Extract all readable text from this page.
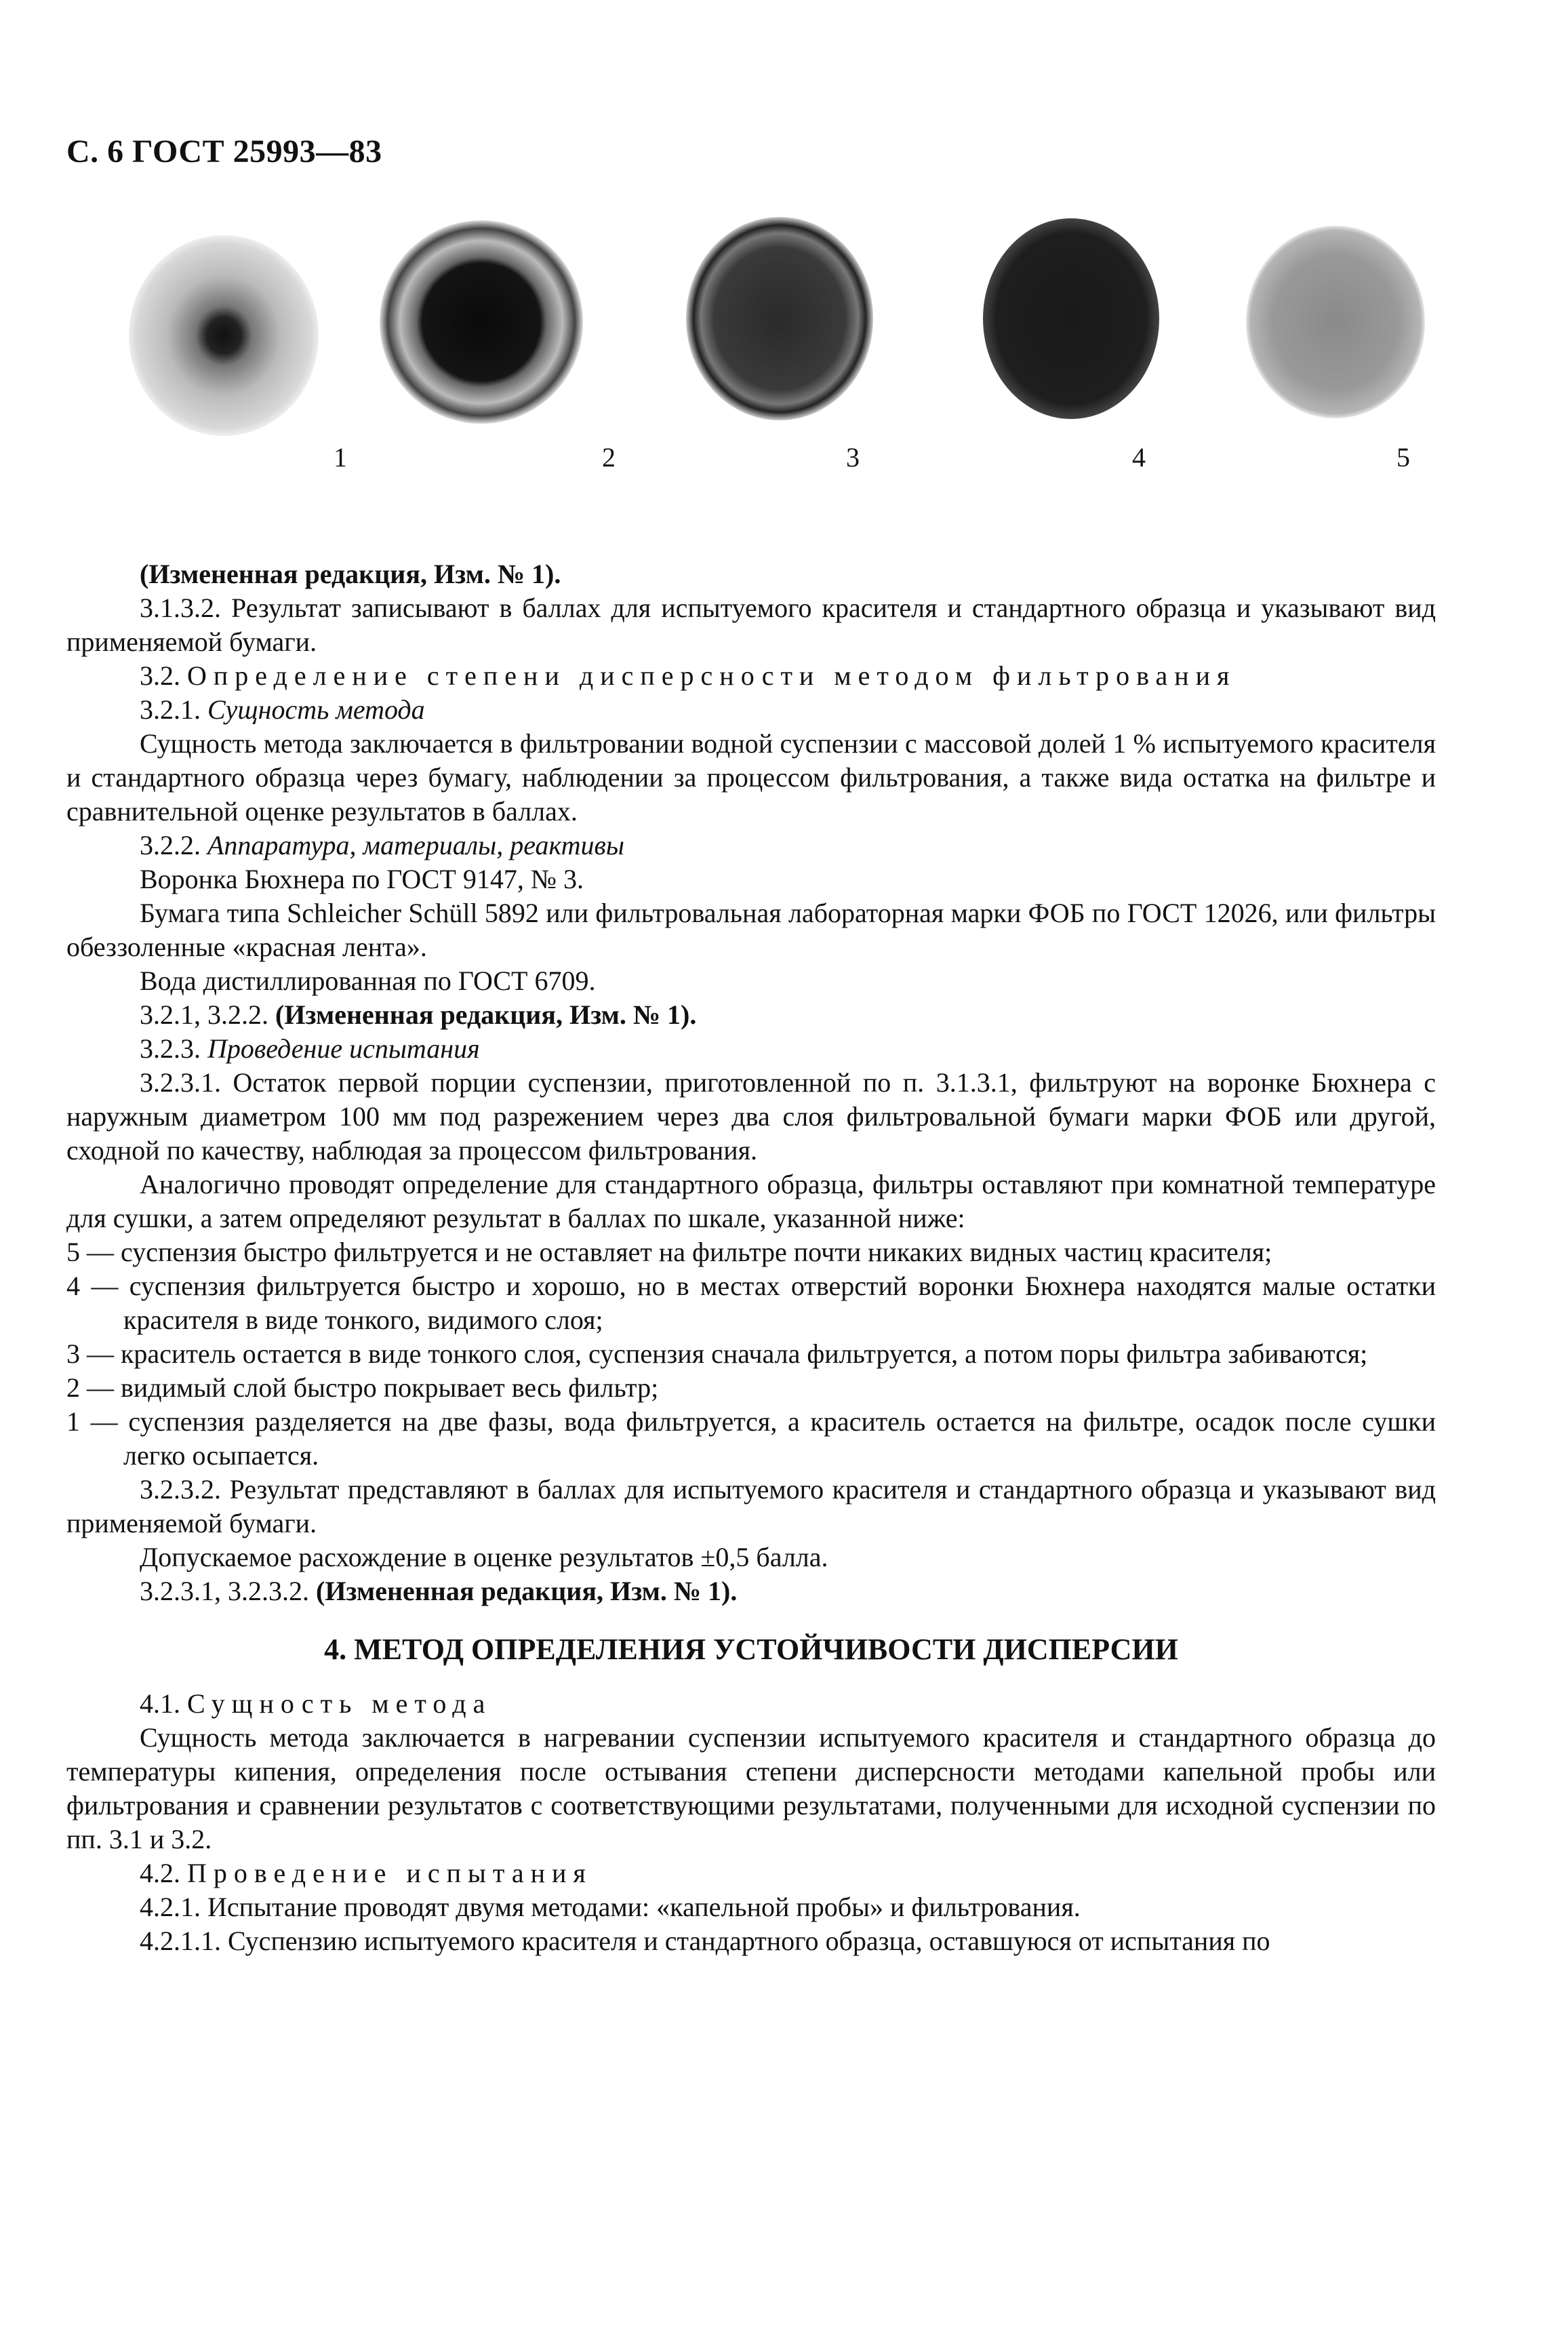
С. 6 ГОСТ 25993—83
1	2	3	4	5

(Измененная редакция, Изм. № 1).

3.1.3.2. Результат записывают в баллах для испытуемого красителя и стандартного образца и указывают вид применяемой бумаги.

3.2. Определение степени дисперсности методом фильтрования

3.2.1. Сущность метода

Сущность метода заключается в фильтровании водной суспензии с массовой долей 1 % испытуемого красителя и стандартного образца через бумагу, наблюдении за процессом фильтрования, а также вида остатка на фильтре и сравнительной оценке результатов в баллах.

3.2.2. Аппаратура, материалы, реактивы

Воронка Бюхнера по ГОСТ 9147, № 3.

Бумага типа Schleicher Schüll 5892 или фильтровальная лабораторная марки ФОБ по ГОСТ 12026, или фильтры обеззоленные «красная лента».

Вода дистиллированная по ГОСТ 6709.

3.2.1, 3.2.2. (Измененная редакция, Изм. № 1).

3.2.3. Проведение испытания

3.2.3.1. Остаток первой порции суспензии, приготовленной по п. 3.1.3.1, фильтруют на воронке Бюхнера с наружным диаметром 100 мм под разрежением через два слоя фильтровальной бумаги марки ФОБ или другой, сходной по качеству, наблюдая за процессом фильтрования.

Аналогично проводят определение для стандартного образца, фильтры оставляют при комнатной температуре для сушки, а затем определяют результат в баллах по шкале, указанной ниже:

5 — суспензия быстро фильтруется и не оставляет на фильтре почти никаких видных частиц красителя;

4 — суспензия фильтруется быстро и хорошо, но в местах отверстий воронки Бюхнера находятся малые остатки красителя в виде тонкого, видимого слоя;

3 — краситель остается в виде тонкого слоя, суспензия сначала фильтруется, а потом поры фильтра забиваются;

2 — видимый слой быстро покрывает весь фильтр;

1 — суспензия разделяется на две фазы, вода фильтруется, а краситель остается на фильтре, осадок после сушки легко осыпается.

3.2.3.2. Результат представляют в баллах для испытуемого красителя и стандартного образца и указывают вид применяемой бумаги.

Допускаемое расхождение в оценке результатов ±0,5 балла.

3.2.3.1, 3.2.3.2. (Измененная редакция, Изм. № 1).

4. МЕТОД ОПРЕДЕЛЕНИЯ УСТОЙЧИВОСТИ ДИСПЕРСИИ

4.1. Сущность метода

Сущность метода заключается в нагревании суспензии испытуемого красителя и стандартного образца до температуры кипения, определения после остывания степени дисперсности методами капельной пробы или фильтрования и сравнении результатов с соответствующими результатами, полученными для исходной суспензии по пп. 3.1 и 3.2.

4.2. Проведение испытания

4.2.1. Испытание проводят двумя методами: «капельной пробы» и фильтрования.

4.2.1.1. Суспензию испытуемого красителя и стандартного образца, оставшуюся от испытания по
